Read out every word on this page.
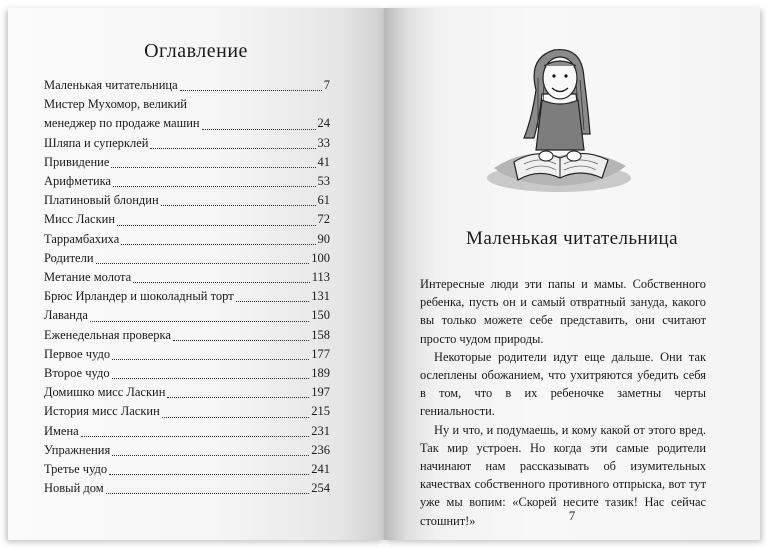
Оглавление
Маленькая читательница	7
Мистер Мухомор, великий
менеджер по продаже машин	24
Шляпа и суперклей	33
Привидение	41
Арифметика	53
Платиновый блондин	61
Мисс Ласкин	72
Таррамбахиха	90
Родители	100
Метание молота	113
Брюс Ирландер и шоколадный торт	131
Лаванда	150
Еженедельная проверка	158
Первое чудо	177
Второе чудо	189
Домишко мисс Ласкин	197
История мисс Ласкин	215
Имена	231
Упражнения	236
Третье чудо	241
Новый дом	254
Маленькая читательница

Интересные люди эти папы и мамы. Собственного ребенка, пусть он и самый отвратный зануда, какого вы только можете себе представить, они считают просто чудом природы.

Некоторые родители идут еще дальше. Они так ослеплены обожанием, что ухитряются убедить себя в том, что в их ребеночке заметны черты гениальности.

Ну и что, и подумаешь, и кому какой от этого вред. Так мир устроен. Но когда эти самые родители начинают нам рассказывать об изумительных качествах собственного противного отпрыска, вот тут уже мы вопим: «Скорей несите тазик! Нас сейчас стошнит!»	7
